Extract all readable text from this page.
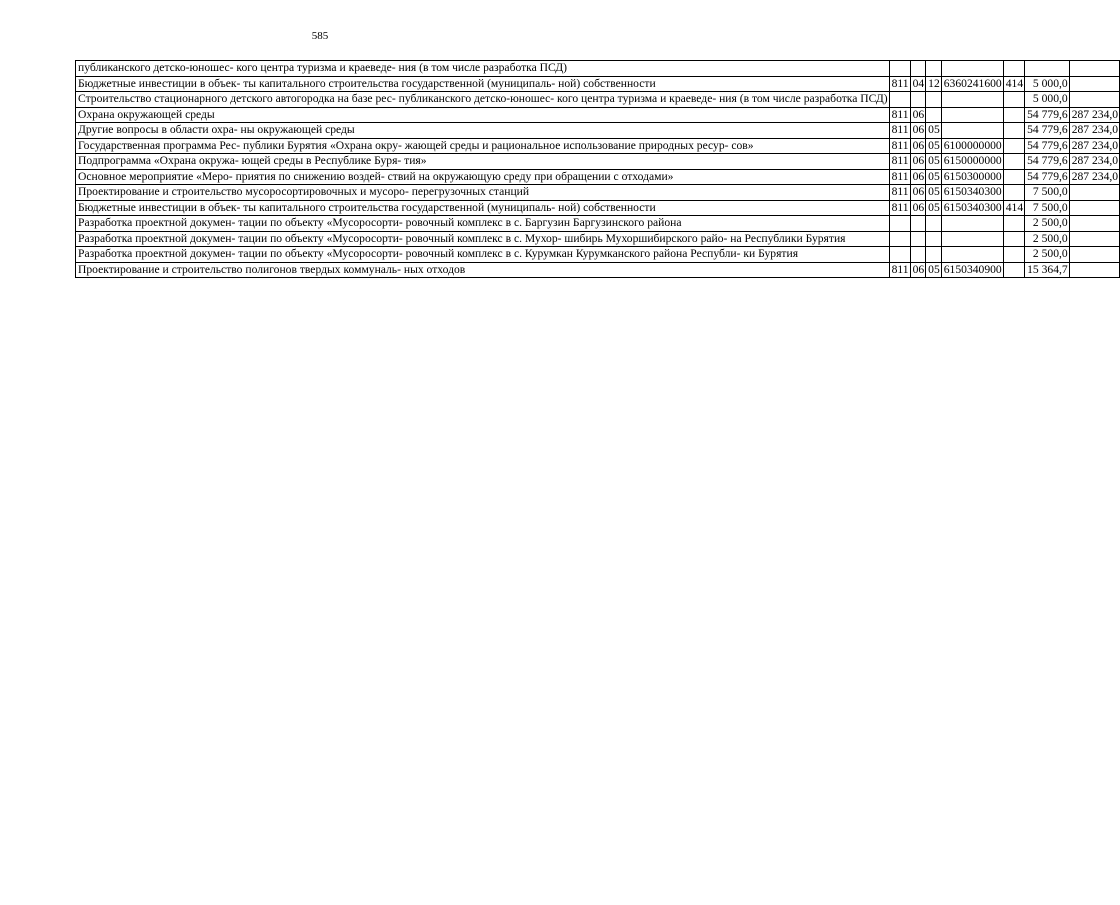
585
публиканского детско-юношес- кого центра туризма и краеведе- ния (в том числе разработка ПСД)							
Бюджетные инвестиции в объек- ты капитального строительства государственной (муниципаль- ной) собственности	811	04	12	6360241600	414	5 000,0	
Строительство стационарного детского автогородка на базе рес- публиканского детско-юношес- кого центра туризма и краеведе- ния (в том числе разработка ПСД)						5 000,0	
Охрана окружающей среды	811	06				54 779,6	287 234,0
Другие вопросы в области охра- ны окружающей среды	811	06	05			54 779,6	287 234,0
Государственная программа Рес- публики Бурятия «Охрана окру- жающей среды и рациональное использование природных ресур- сов»	811	06	05	6100000000		54 779,6	287 234,0
Подпрограмма «Охрана окружа- ющей среды в Республике Буря- тия»	811	06	05	6150000000		54 779,6	287 234,0
Основное мероприятие «Меро- приятия по снижению воздей- ствий на окружающую среду при обращении с отходами»	811	06	05	6150300000		54 779,6	287 234,0
Проектирование и строительство мусоросортировочных и мусоро- перегрузочных станций	811	06	05	6150340300		7 500,0	
Бюджетные инвестиции в объек- ты капитального строительства государственной (муниципаль- ной) собственности	811	06	05	6150340300	414	7 500,0	
Разработка проектной докумен- тации по объекту «Мусоросорти- ровочный комплекс в с. Баргузин Баргузинского района						2 500,0	
Разработка проектной докумен- тации по объекту «Мусоросорти- ровочный комплекс в с. Мухор- шибирь Мухоршибирского райо- на Республики Бурятия						2 500,0	
Разработка проектной докумен- тации по объекту «Мусоросорти- ровочный комплекс в с. Курумкан Курумканского района Республи- ки Бурятия						2 500,0	
Проектирование и строительство полигонов твердых коммуналь- ных отходов	811	06	05	6150340900		15 364,7	
